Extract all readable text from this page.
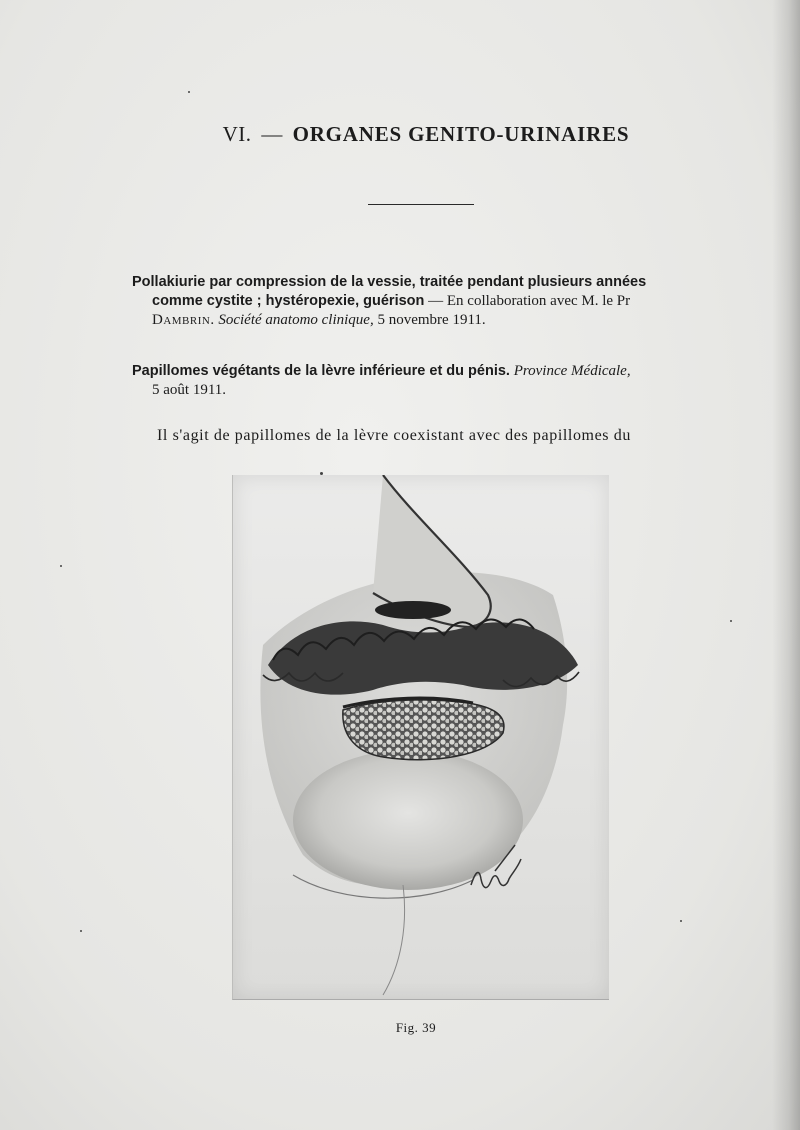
VI. — ORGANES GENITO-URINAIRES
Pollakiurie par compression de la vessie, traitée pendant plusieurs années
comme cystite ; hystéropexie, guérison — En collaboration avec M. le Pr
Dambrin. Société anatomo clinique, 5 novembre 1911.
Papillomes végétants de la lèvre inférieure et du pénis. Province Médicale,
5 août 1911.
Il s'agit de papillomes de la lèvre coexistant avec des papillomes du
Fig. 39
